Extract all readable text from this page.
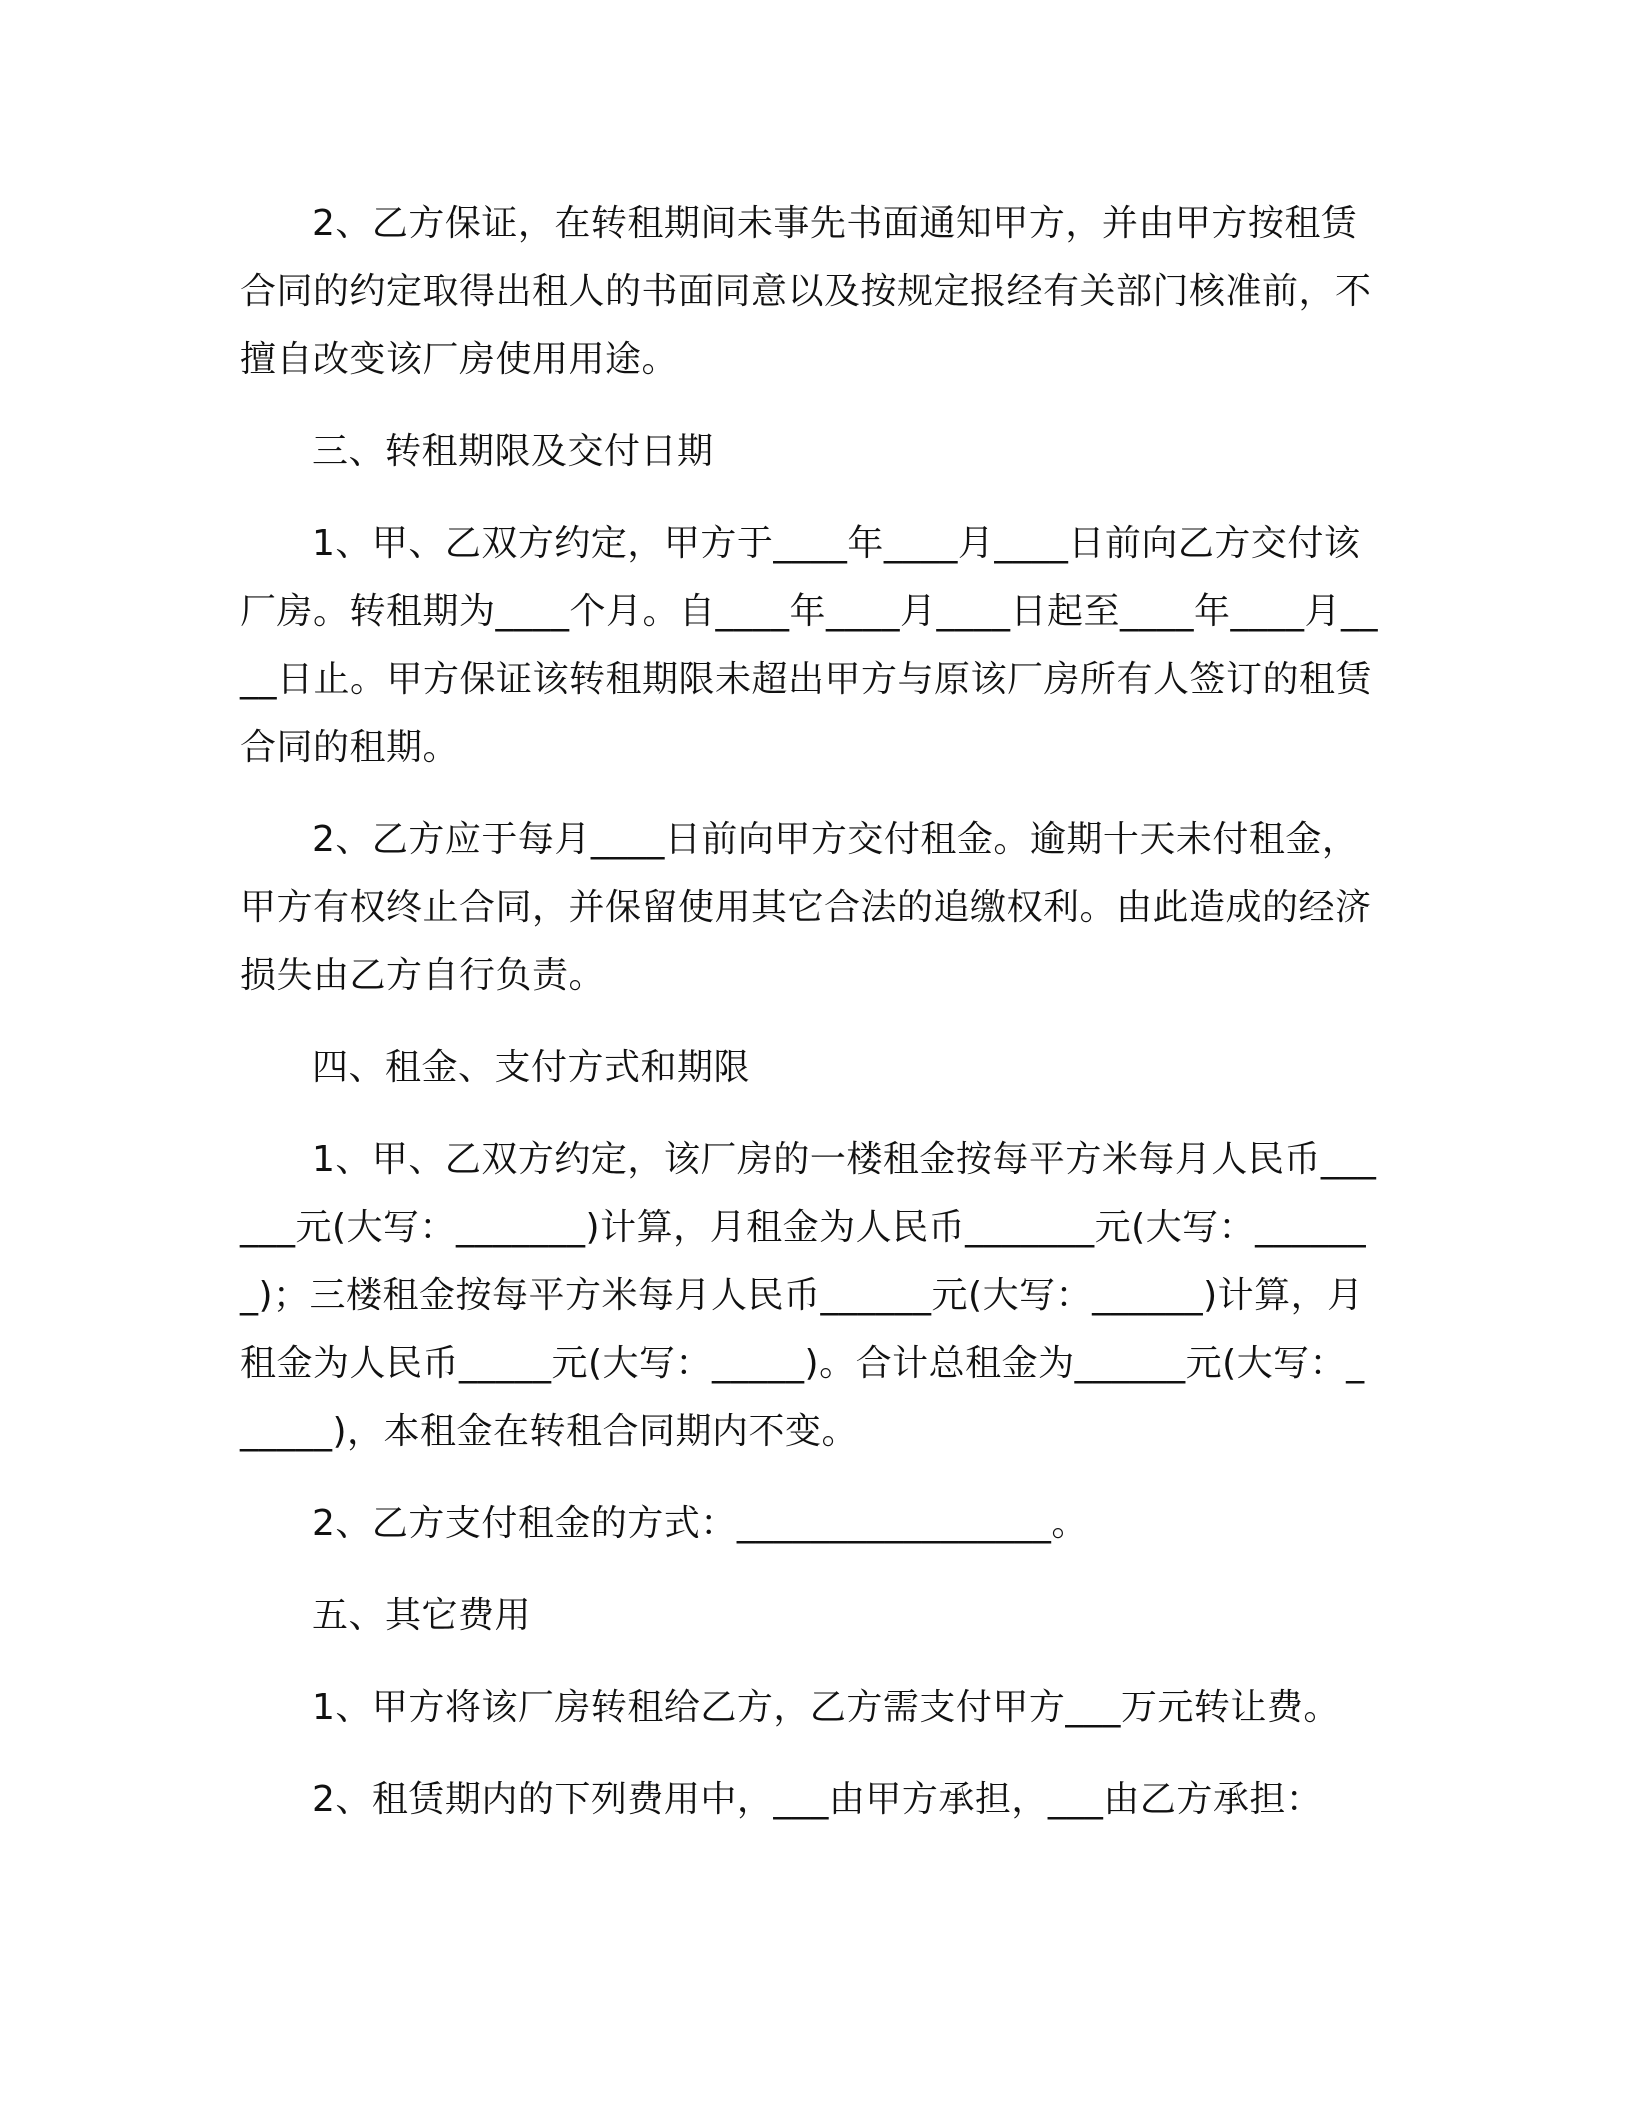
2、乙方保证，在转租期间未事先书面通知甲方，并由甲方按租赁合同的约定取得出租人的书面同意以及按规定报经有关部门核准前，不擅自改变该厂房使用用途。

三、转租期限及交付日期

1、甲、乙双方约定，甲方于____年____月____日前向乙方交付该厂房。转租期为____个月。自____年____月____日起至____年____月____日止。甲方保证该转租期限未超出甲方与原该厂房所有人签订的租赁合同的租期。

2、乙方应于每月____日前向甲方交付租金。逾期十天未付租金，甲方有权终止合同，并保留使用其它合法的追缴权利。由此造成的经济损失由乙方自行负责。

四、租金、支付方式和期限

1、甲、乙双方约定，该厂房的一楼租金按每平方米每月人民币______元(大写：_______)计算，月租金为人民币_______元(大写：_______)；三楼租金按每平方米每月人民币______元(大写：______)计算，月租金为人民币_____元(大写：_____)。合计总租金为______元(大写：______)，本租金在转租合同期内不变。

2、乙方支付租金的方式：_________________。

五、其它费用

1、甲方将该厂房转租给乙方，乙方需支付甲方___万元转让费。

2、租赁期内的下列费用中，___由甲方承担，___由乙方承担：
